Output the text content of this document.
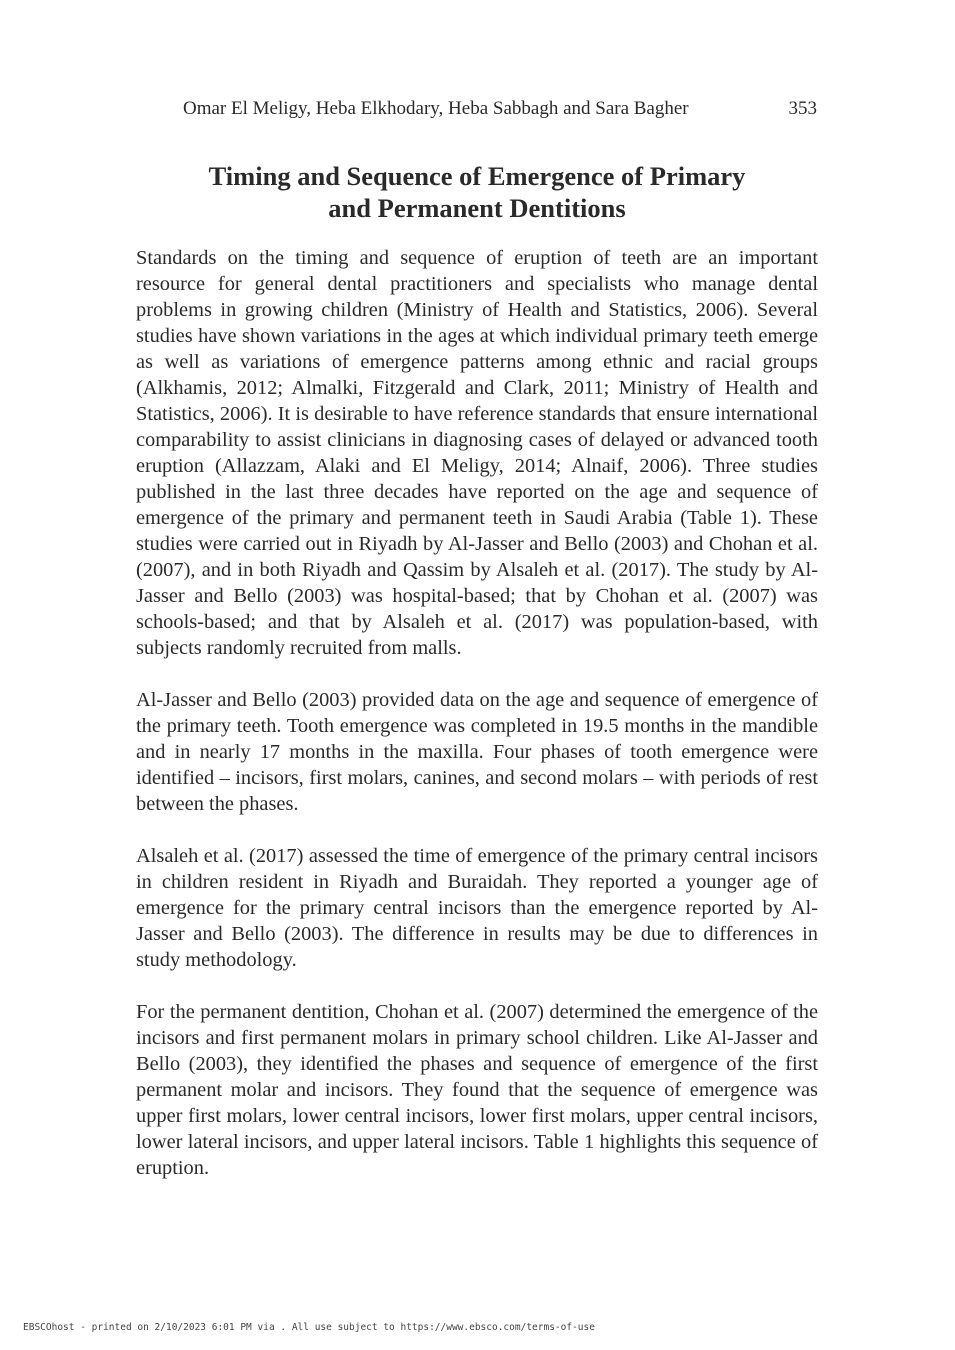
Omar El Meligy, Heba Elkhodary, Heba Sabbagh and Sara Bagher	353
Timing and Sequence of Emergence of Primary
and Permanent Dentitions

Standards on the timing and sequence of eruption of teeth are an important resource for general dental practitioners and specialists who manage dental problems in growing children (Ministry of Health and Statistics, 2006). Several studies have shown variations in the ages at which individual primary teeth emerge as well as variations of emergence patterns among ethnic and racial groups (Alkhamis, 2012; Almalki, Fitzgerald and Clark, 2011; Ministry of Health and Statistics, 2006). It is desirable to have reference standards that ensure international comparability to assist clinicians in diagnosing cases of delayed or advanced tooth eruption (Allazzam, Alaki and El Meligy, 2014; Alnaif, 2006). Three studies published in the last three decades have reported on the age and sequence of emergence of the primary and permanent teeth in Saudi Arabia (Table 1). These studies were carried out in Riyadh by Al-Jasser and Bello (2003) and Chohan et al. (2007), and in both Riyadh and Qassim by Alsaleh et al. (2017). The study by Al-Jasser and Bello (2003) was hospital-based; that by Chohan et al. (2007) was schools-based; and that by Alsaleh et al. (2017) was population-based, with subjects randomly recruited from malls.

Al-Jasser and Bello (2003) provided data on the age and sequence of emergence of the primary teeth. Tooth emergence was completed in 19.5 months in the mandible and in nearly 17 months in the maxilla. Four phases of tooth emergence were identified – incisors, first molars, canines, and second molars – with periods of rest between the phases.

Alsaleh et al. (2017) assessed the time of emergence of the primary central incisors in children resident in Riyadh and Buraidah. They reported a younger age of emergence for the primary central incisors than the emergence reported by Al-Jasser and Bello (2003). The difference in results may be due to differences in study methodology.

For the permanent dentition, Chohan et al. (2007) determined the emergence of the incisors and first permanent molars in primary school children. Like Al-Jasser and Bello (2003), they identified the phases and sequence of emergence of the first permanent molar and incisors. They found that the sequence of emergence was upper first molars, lower central incisors, lower first molars, upper central incisors, lower lateral incisors, and upper lateral incisors. Table 1 highlights this sequence of eruption.

EBSCOhost - printed on 2/10/2023 6:01 PM via . All use subject to https://www.ebsco.com/terms-of-use
